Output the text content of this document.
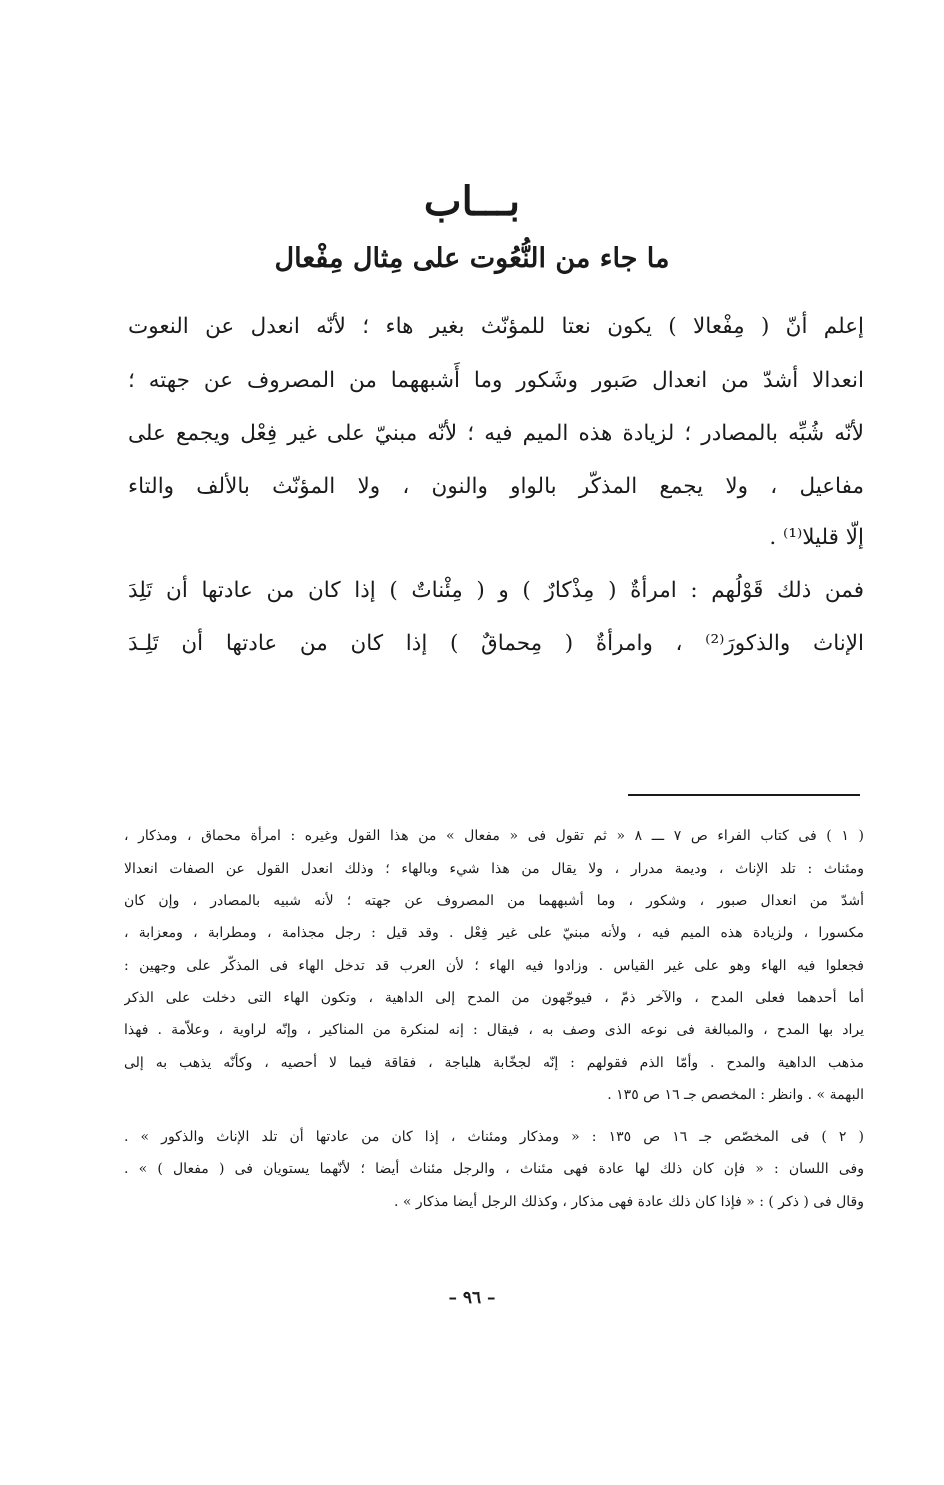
بـــاب
ما جاء من النُّعُوت على مِثال مِفْعال
إعلم أنّ ( مِفْعالا ) يكون نعتا للمؤنّث بغير هاء ؛ لأنّه انعدل عن النعوت
انعدالا أشدّ من انعدال صَبور وشَكور وما أَشبههما من المصروف عن جهته ؛
لأنّه شُبِّه بالمصادر ؛ لزيادة هذه الميم فيه ؛ لأنّه مبنيّ على غير فِعْل ويجمع على
مفاعيل ، ولا يجمع المذكّر بالواو والنون ، ولا المؤنّث بالألف والتاء
إلّا قليلا⁽¹⁾ .
فمن ذلك قَوْلُهم : امرأةٌ ( مِذْكارٌ ) و ( مِئْناتٌ ) إذا كان من عادتها أن تَلِدَ
الإناث والذكورَ⁽²⁾ ، وامرأةٌ ( مِحماقٌ ) إذا كان من عادتها أن تَلِـدَ
( ١ ) فى كتاب الفراء ص ٧ ـــ ٨ « ثم تقول فى « مفعال » من هذا القول وغيره : امرأة محماق ، ومذكار ،
ومئناث : تلد الإناث ، وديمة مدرار ، ولا يقال من هذا شيء وبالهاء ؛ وذلك انعدل القول عن الصفات انعدالا
أشدّ من انعدال صبور ، وشكور ، وما أشبههما من المصروف عن جهته ؛ لأنه شبيه بالمصادر ، وإن كان
مكسورا ، ولزيادة هذه الميم فيه ، ولأنه مبنيّ على غير فِعْل . وقد قيل : رجل مجذامة ، ومطرابة ، ومعزابة ،
فجعلوا فيه الهاء وهو على غير القياس . وزادوا فيه الهاء ؛ لأن العرب قد تدخل الهاء فى المذكّر على وجهين :
أما أحدهما فعلى المدح ، والآخر ذمّ ، فيوجّهون من المدح إلى الداهية ، وتكون الهاء التى دخلت على الذكر
يراد بها المدح ، والمبالغة فى نوعه الذى وصف به ، فيقال : إنه لمنكرة من المناكير ، وإنّه لراوية ، وعلاّمة . فهذا
مذهب الداهية والمدح . وأمّا الذم فقولهم : إنّه لجخّابة هلباجة ، فقاقة فيما لا أحصيه ، وكأنّه يذهب به إلى
البهمة » . وانظر : المخصص جـ ١٦ ص ١٣٥ .
( ٢ ) فى المخصّص جـ ١٦ ص ١٣٥ : « ومذكار ومئناث ، إذا كان من عادتها أن تلد الإناث والذكور » .
وفى اللسان : « فإن كان ذلك لها عادة فهى مئناث ، والرجل مئناث أيضا ؛ لأنّهما يستويان فى ( مفعال ) » .
وقال فى ( ذكر ) : « فإذا كان ذلك عادة فهى مذكار ، وكذلك الرجل أيضا مذكار » .
– ٩٦ –
